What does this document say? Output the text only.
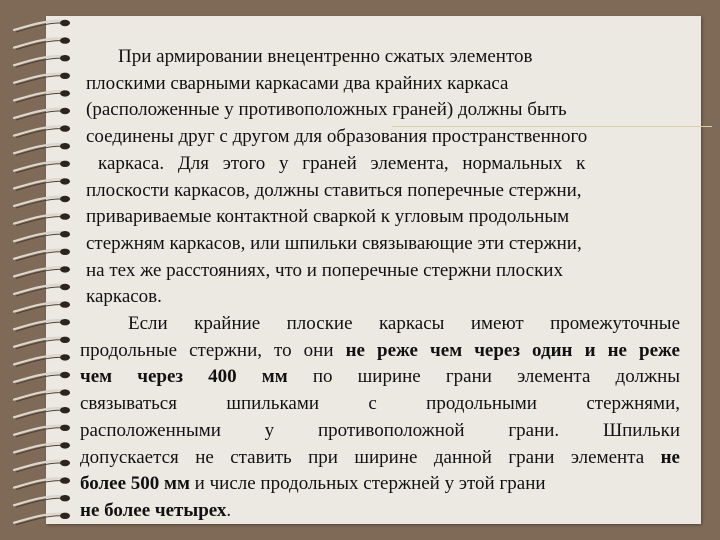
При армировании внецентренно сжатых элементов
плоскими сварными каркасами два крайних каркаса
(расположенные у противоположных граней) должны быть
соединены друг с другом для образования пространственного
каркаса. Для этого у граней элемента, нормальных к
плоскости каркасов, должны ставиться поперечные стержни,
привариваемые контактной сваркой к угловым продольным
стержням каркасов, или шпильки связывающие эти стержни,
на тех же расстояниях, что и поперечные стержни плоских
каркасов.
Если крайние плоские каркасы имеют промежуточные
продольные стержни, то они не реже чем через один и не реже
чем через 400 мм по ширине грани элемента должны
связываться шпильками с продольными стержнями,
расположенными у противоположной грани. Шпильки
допускается не ставить при ширине данной грани элемента не
более 500 мм и числе продольных стержней у этой грани
не более четырех.
